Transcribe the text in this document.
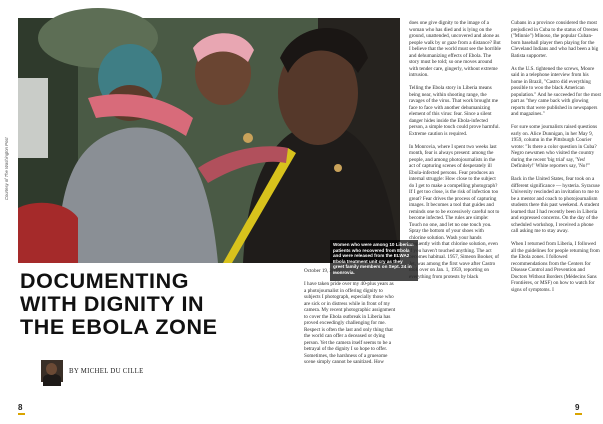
Women who were among 10 Liberian patients who recovered from Ebola and were released from the ELWA2 Ebola treatment unit cry as they greet family members on Sept. 24 in Monrovia.

Courtesy of The Washington Post
DOCUMENTING
WITH DIGNITY IN
THE EBOLA ZONE
BY MICHEL DU CILLE
8	9

October 19, 2014

I have taken pride over my 40-plus years as a photojournalist in offering dignity to subjects I photograph, especially those who are sick or in distress while in front of my camera. My recent photographic assignment to cover the Ebola outbreak in Liberia has proved exceedingly challenging for me. Respect is often the last and only thing that the world can offer a deceased or dying person. Yet the camera itself seems to be a betrayal of the dignity I so hope to offer. Sometimes, the harshness of a gruesome scene simply cannot be sanitized. How

does one give dignity to the image of a woman who has died and is lying on the ground, unattended, uncovered and alone as people walk by or gaze from a distance? But I believe that the world must see the horrible and dehumanizing effects of Ebola. The story must be told; so one moves around with tender care, gingerly, without extreme intrusion.

Telling the Ebola story in Liberia means being near, within shooting range, the ravages of the virus. That work brought me face to face with another dehumanizing element of this virus: fear. Since a silent danger hides inside the Ebola-infected person, a simple touch could prove harmful. Extreme caution is required.

In Monrovia, where I spent two weeks last month, fear is always present: among the people, and among photojournalists in the act of capturing scenes of desperately ill Ebola-infected persons. Fear produces an internal struggle: How close to the subject do I get to make a compelling photograph? If I get too close, is the risk of infection too great? Fear drives the process of capturing images. It becomes a tool that guides and reminds one to be excessively careful not to become infected. The rules are simple: Touch no one, and let no one touch you. Spray the bottom of your shoes with chlorine solution. Wash your hands frequently with that chlorine solution, even if you haven't touched anything. The act becomes habitual. 1957, Simeon Booker, of Jet, was among the first wave after Castro took over on Jan. 1, 1959, reporting on everything from protests by black

Cubans in a province considered the most prejudiced in Cuba to the status of Orestes ("Minnie") Minoso, the popular Cuban-born baseball player then playing for the Cleveland Indians and who had been a big Batista supporter.

As the U.S. tightened the screws, Moore said in a telephone interview from his home in Brazil, "Castro did everything possible to woo the black American population." And he succeeded for the most part as "they came back with glowing reports that were published in newspapers and magazines."

For sure some journalists raised questions early on. Alice Dunnigan, in her May 9, 1959, column in the Pittsburgh Courier wrote: "Is there a color question in Cuba? Negro newsmen who visited the country during the recent 'big trial' say, 'Yes! Definitely!' White reporters say, 'No!'"

Back in the United States, fear took on a different significance — hysteria. Syracuse University rescinded an invitation to me to be a mentor and coach to photojournalism students there this past weekend. A student learned that I had recently been in Liberia and expressed concerns. On the day of the scheduled workshop, I received a phone call asking me to stay away.

When I returned from Liberia, I followed all the guidelines for people returning from the Ebola zones. I followed recommendations from the Centers for Disease Control and Prevention and Doctors Without Borders (Médecins Sans Frontières, or MSF) on how to watch for signs of symptoms. I
